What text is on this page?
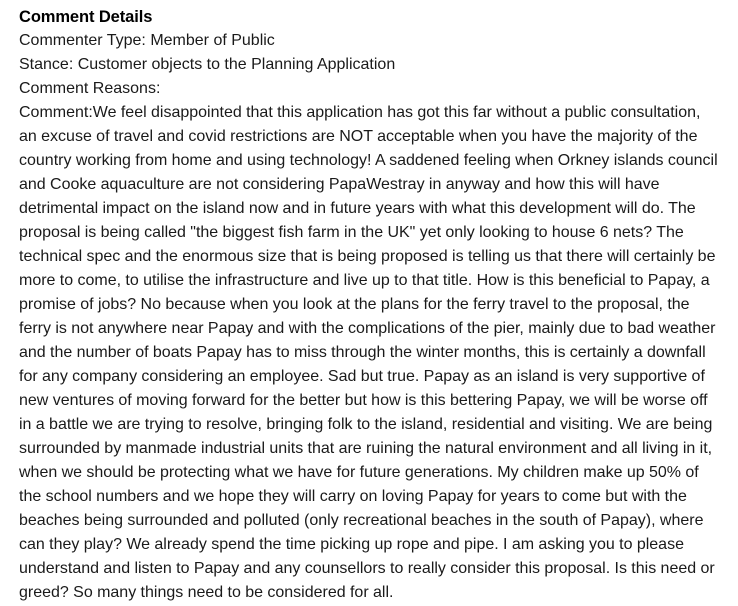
Comment Details
Commenter Type: Member of Public
Stance: Customer objects to the Planning Application
Comment Reasons:
Comment:We feel disappointed that this application has got this far without a public consultation, an excuse of travel and covid restrictions are NOT acceptable when you have the majority of the country working from home and using technology! A saddened feeling when Orkney islands council and Cooke aquaculture are not considering PapaWestray in anyway and how this will have detrimental impact on the island now and in future years with what this development will do. The proposal is being called "the biggest fish farm in the UK" yet only looking to house 6 nets? The technical spec and the enormous size that is being proposed is telling us that there will certainly be more to come, to utilise the infrastructure and live up to that title. How is this beneficial to Papay, a promise of jobs? No because when you look at the plans for the ferry travel to the proposal, the ferry is not anywhere near Papay and with the complications of the pier, mainly due to bad weather and the number of boats Papay has to miss through the winter months, this is certainly a downfall for any company considering an employee. Sad but true. Papay as an island is very supportive of new ventures of moving forward for the better but how is this bettering Papay, we will be worse off in a battle we are trying to resolve, bringing folk to the island, residential and visiting. We are being surrounded by manmade industrial units that are ruining the natural environment and all living in it, when we should be protecting what we have for future generations. My children make up 50% of the school numbers and we hope they will carry on loving Papay for years to come but with the beaches being surrounded and polluted (only recreational beaches in the south of Papay), where can they play? We already spend the time picking up rope and pipe. I am asking you to please understand and listen to Papay and any counsellors to really consider this proposal. Is this need or greed? So many things need to be considered for all.
